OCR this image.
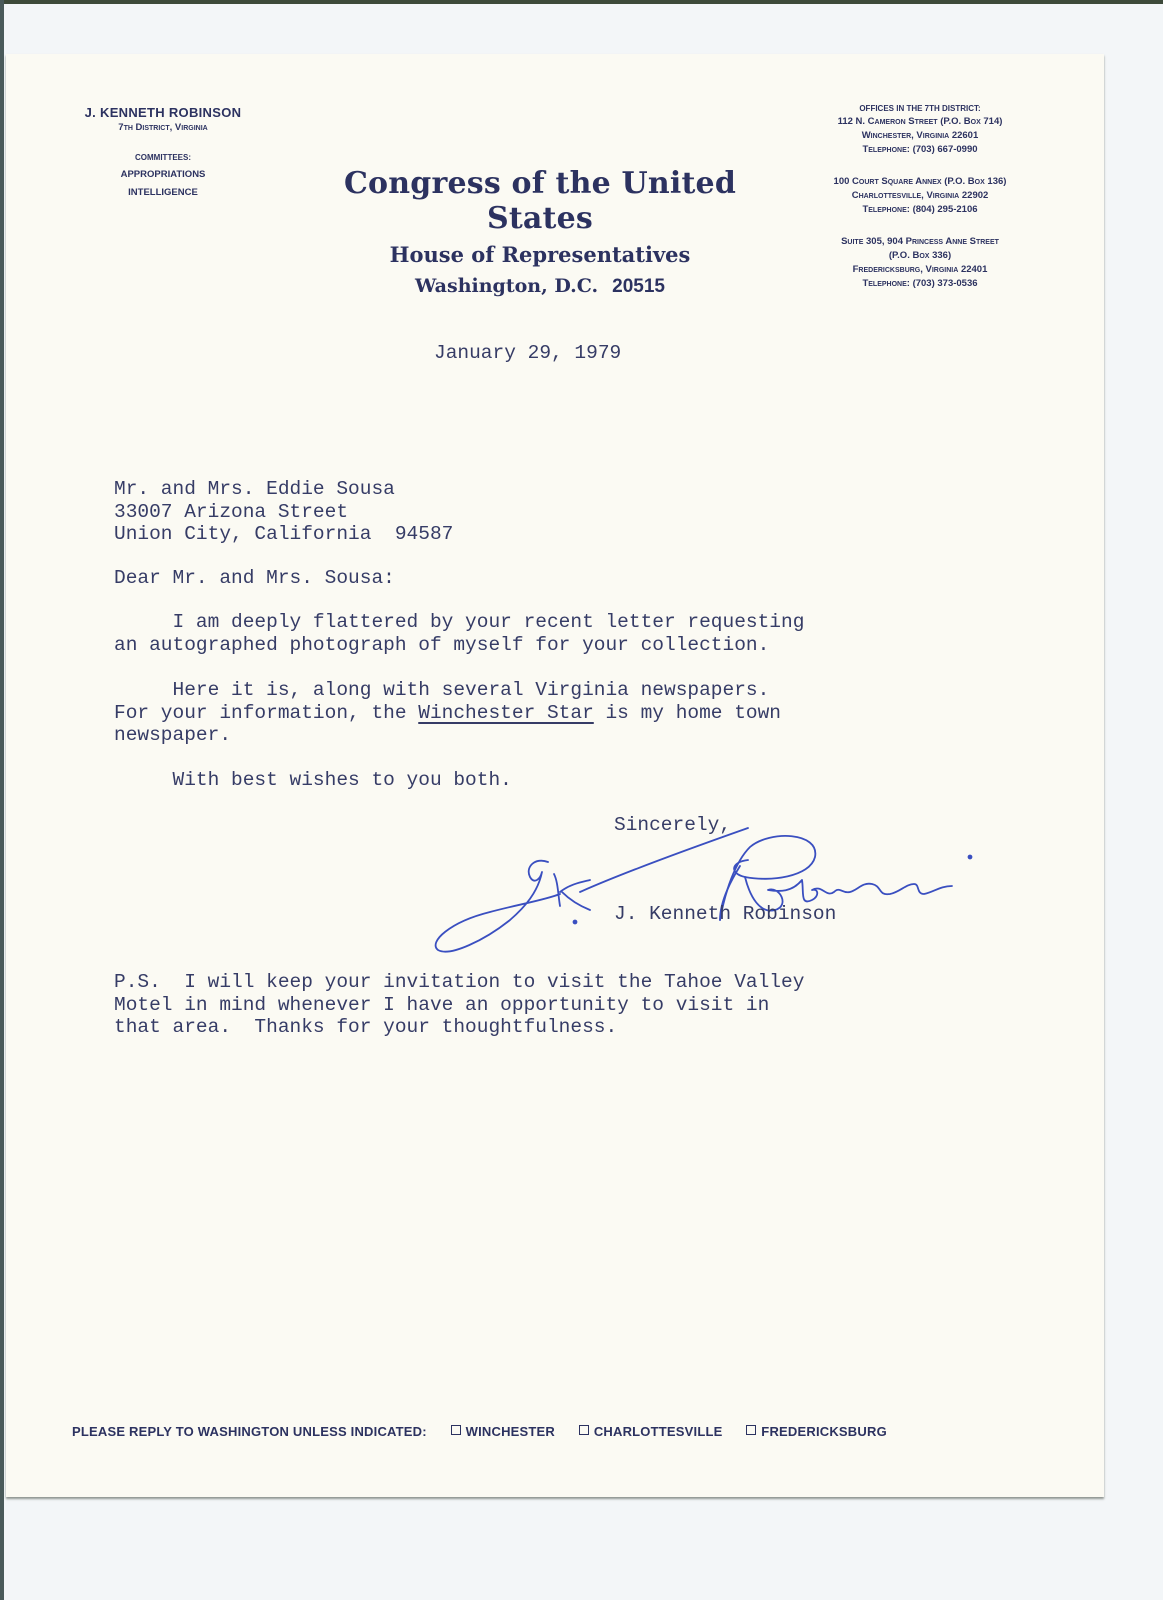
J. KENNETH ROBINSON
7th District, Virginia
COMMITTEES:
APPROPRIATIONS
INTELLIGENCE	Congress of the United States
House of Representatives
Washington, D.C. 20515
OFFICES IN THE 7TH DISTRICT:
112 N. Cameron Street (P.O. Box 714)
Winchester, Virginia 22601
Telephone: (703) 667-0990
100 Court Square Annex (P.O. Box 136)
Charlottesville, Virginia 22902
Telephone: (804) 295-2106
Suite 305, 904 Princess Anne Street
(P.O. Box 336)
Fredericksburg, Virginia 22401
Telephone: (703) 373-0536
January 29, 1979
Mr. and Mrs. Eddie Sousa
33007 Arizona Street
Union City, California  94587
Dear Mr. and Mrs. Sousa:
I am deeply flattered by your recent letter requesting
an autographed photograph of myself for your collection.
Here it is, along with several Virginia newspapers.
For your information, the Winchester Star is my home town
newspaper.
With best wishes to you both.
Sincerely,
J. Kenneth Robinson
P.S.  I will keep your invitation to visit the Tahoe Valley
Motel in mind whenever I have an opportunity to visit in
that area.  Thanks for your thoughtfulness.
PLEASE REPLY TO WASHINGTON UNLESS INDICATED:	WINCHESTER	CHARLOTTESVILLE	FREDERICKSBURG
